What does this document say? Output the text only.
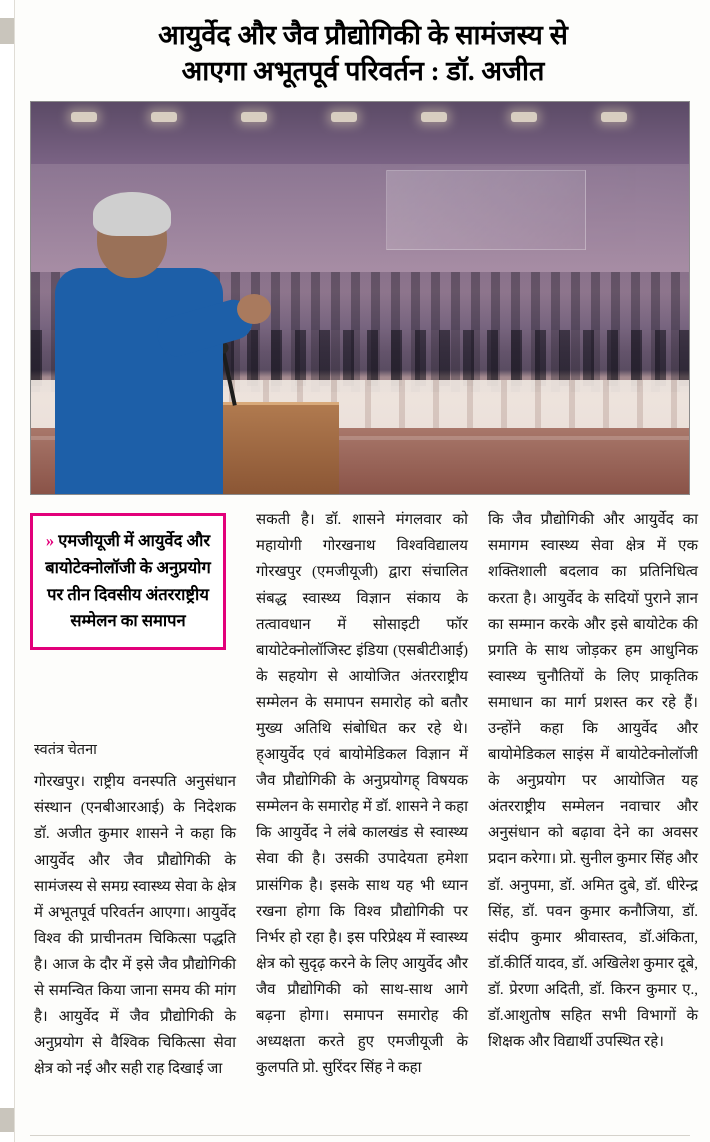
आयुर्वेद और जैव प्रौद्योगिकी के सामंजस्य से
आएगा अभूतपूर्व परिवर्तन : डॉ. अजीत
» एमजीयूजी में आयुर्वेद और बायोटेक्नोलॉजी के अनुप्रयोग पर तीन दिवसीय अंतरराष्ट्रीय सम्मेलन का समापन
स्वतंत्र चेतना

गोरखपुर। राष्ट्रीय वनस्पति अनुसंधान संस्थान (एनबीआरआई) के निदेशक डॉ. अजीत कुमार शासने ने कहा कि आयुर्वेद और जैव प्रौद्योगिकी के सामंजस्य से समग्र स्वास्थ्य सेवा के क्षेत्र में अभूतपूर्व परिवर्तन आएगा। आयुर्वेद विश्व की प्राचीनतम चिकित्सा पद्धति है। आज के दौर में इसे जैव प्रौद्योगिकी से समन्वित किया जाना समय की मांग है। आयुर्वेद में जैव प्रौद्योगिकी के अनुप्रयोग से वैश्विक चिकित्सा सेवा क्षेत्र को नई और सही राह दिखाई जा

सकती है। डॉ. शासने मंगलवार को महायोगी गोरखनाथ विश्वविद्यालय गोरखपुर (एमजीयूजी) द्वारा संचालित संबद्ध स्वास्थ्य विज्ञान संकाय के तत्वावधान में सोसाइटी फॉर बायोटेक्नोलॉजिस्ट इंडिया (एसबीटीआई) के सहयोग से आयोजित अंतरराष्ट्रीय सम्मेलन के समापन समारोह को बतौर मुख्य अतिथि संबोधित कर रहे थे। ह्आयुर्वेद एवं बायोमेडिकल विज्ञान में जैव प्रौद्योगिकी के अनुप्रयोगह् विषयक सम्मेलन के समारोह में डॉ. शासने ने कहा कि आयुर्वेद ने लंबे कालखंड से स्वास्थ्य सेवा की है। उसकी उपादेयता हमेशा प्रासंगिक है। इसके साथ यह भी ध्यान रखना होगा कि विश्व प्रौद्योगिकी पर निर्भर हो रहा है। इस परिप्रेक्ष्य में स्वास्थ्य क्षेत्र को सुदृढ़ करने के लिए आयुर्वेद और जैव प्रौद्योगिकी को साथ-साथ आगे बढ़ना होगा। समापन समारोह की अध्यक्षता करते हुए एमजीयूजी के कुलपति प्रो. सुरिंदर सिंह ने कहा

कि जैव प्रौद्योगिकी और आयुर्वेद का समागम स्वास्थ्य सेवा क्षेत्र में एक शक्तिशाली बदलाव का प्रतिनिधित्व करता है। आयुर्वेद के सदियों पुराने ज्ञान का सम्मान करके और इसे बायोटेक की प्रगति के साथ जोड़कर हम आधुनिक स्वास्थ्य चुनौतियों के लिए प्राकृतिक समाधान का मार्ग प्रशस्त कर रहे हैं। उन्होंने कहा कि आयुर्वेद और बायोमेडिकल साइंस में बायोटेक्नोलॉजी के अनुप्रयोग पर आयोजित यह अंतरराष्ट्रीय सम्मेलन नवाचार और अनुसंधान को बढ़ावा देने का अवसर प्रदान करेगा। प्रो. सुनील कुमार सिंह और डॉ. अनुपमा, डॉ. अमित दुबे, डॉ. धीरेन्द्र सिंह, डॉ. पवन कुमार कनौजिया, डॉ. संदीप कुमार श्रीवास्तव, डॉ.अंकिता, डॉ.कीर्ति यादव, डॉ. अखिलेश कुमार दूबे, डॉ. प्रेरणा अदिती, डॉ. किरन कुमार ए., डॉ.आशुतोष सहित सभी विभागों के शिक्षक और विद्यार्थी उपस्थित रहे।
